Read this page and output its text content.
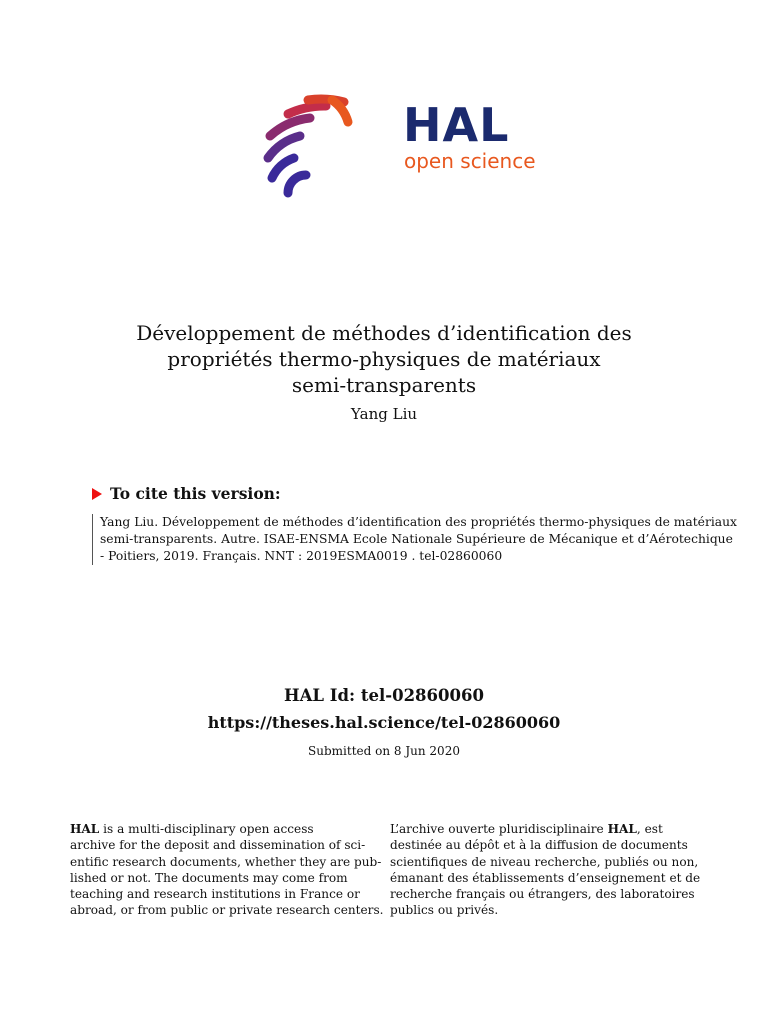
HAL
open science
Développement de méthodes d’identification des
propriétés thermo-physiques de matériaux
semi-transparents
Yang Liu
To cite this version:
Yang Liu. Développement de méthodes d’identification des propriétés thermo-physiques de matériaux
semi-transparents. Autre. ISAE-ENSMA Ecole Nationale Supérieure de Mécanique et d’Aérotechique
- Poitiers, 2019. Français. NNT : 2019ESMA0019 . tel-02860060
HAL Id: tel-02860060
https://theses.hal.science/tel-02860060
Submitted on 8 Jun 2020
HAL is a multi-disciplinary open access
archive for the deposit and dissemination of sci-
entific research documents, whether they are pub-
lished or not. The documents may come from
teaching and research institutions in France or
abroad, or from public or private research centers.
L’archive ouverte pluridisciplinaire HAL, est
destinée au dépôt et à la diffusion de documents
scientifiques de niveau recherche, publiés ou non,
émanant des établissements d’enseignement et de
recherche français ou étrangers, des laboratoires
publics ou privés.
